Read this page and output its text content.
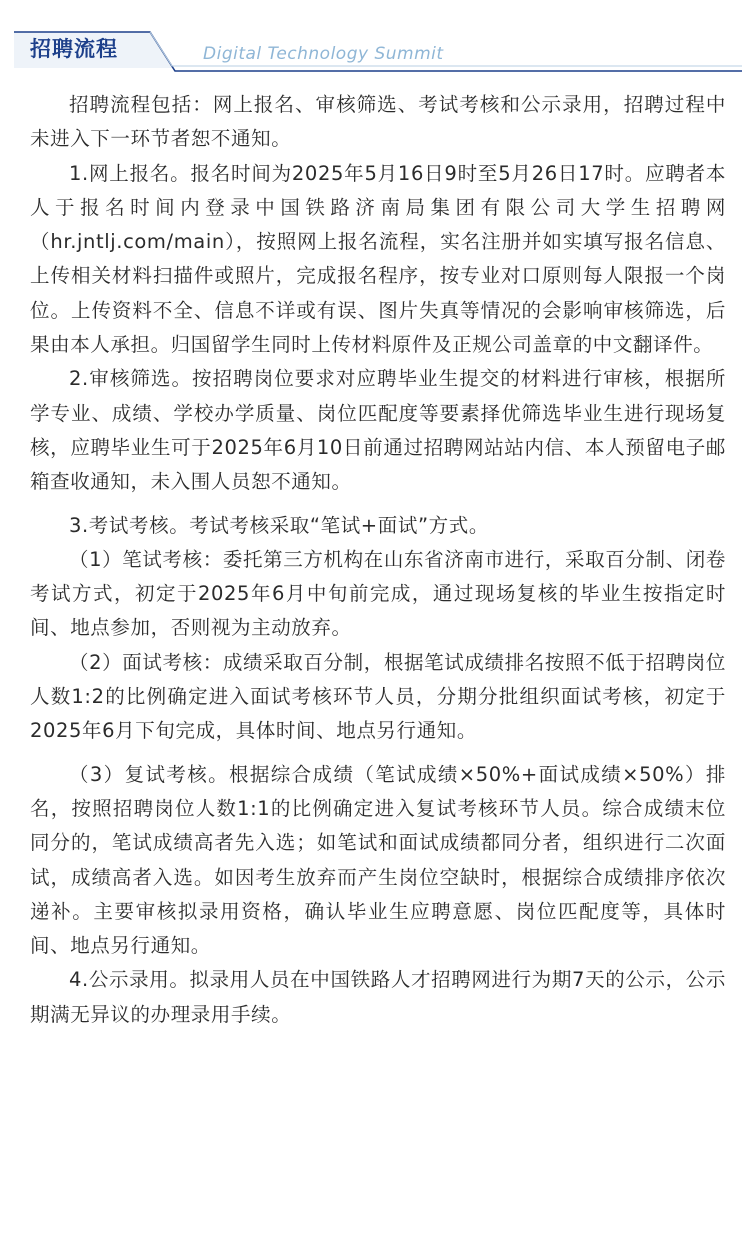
招聘流程	Digital Technology Summit

招聘流程包括：网上报名、审核筛选、考试考核和公示录用，招聘过程中未进入下一环节者恕不通知。

1.网上报名。报名时间为2025年5月16日9时至5月26日17时。应聘者本人于报名时间内登录中国铁路济南局集团有限公司大学生招聘网（hr.jntlj.com/main），按照网上报名流程，实名注册并如实填写报名信息、上传相关材料扫描件或照片，完成报名程序，按专业对口原则每人限报一个岗位。上传资料不全、信息不详或有误、图片失真等情况的会影响审核筛选，后果由本人承担。归国留学生同时上传材料原件及正规公司盖章的中文翻译件。

2.审核筛选。按招聘岗位要求对应聘毕业生提交的材料进行审核，根据所学专业、成绩、学校办学质量、岗位匹配度等要素择优筛选毕业生进行现场复核，应聘毕业生可于2025年6月10日前通过招聘网站站内信、本人预留电子邮箱查收通知，未入围人员恕不通知。

3.考试考核。考试考核采取“笔试+面试”方式。

（1）笔试考核：委托第三方机构在山东省济南市进行，采取百分制、闭卷考试方式，初定于2025年6月中旬前完成，通过现场复核的毕业生按指定时间、地点参加，否则视为主动放弃。

（2）面试考核：成绩采取百分制，根据笔试成绩排名按照不低于招聘岗位人数1:2的比例确定进入面试考核环节人员，分期分批组织面试考核，初定于2025年6月下旬完成，具体时间、地点另行通知。

（3）复试考核。根据综合成绩（笔试成绩×50%+面试成绩×50%）排名，按照招聘岗位人数1:1的比例确定进入复试考核环节人员。综合成绩末位同分的，笔试成绩高者先入选；如笔试和面试成绩都同分者，组织进行二次面试，成绩高者入选。如因考生放弃而产生岗位空缺时，根据综合成绩排序依次递补。主要审核拟录用资格，确认毕业生应聘意愿、岗位匹配度等，具体时间、地点另行通知。

4.公示录用。拟录用人员在中国铁路人才招聘网进行为期7天的公示，公示期满无异议的办理录用手续。
